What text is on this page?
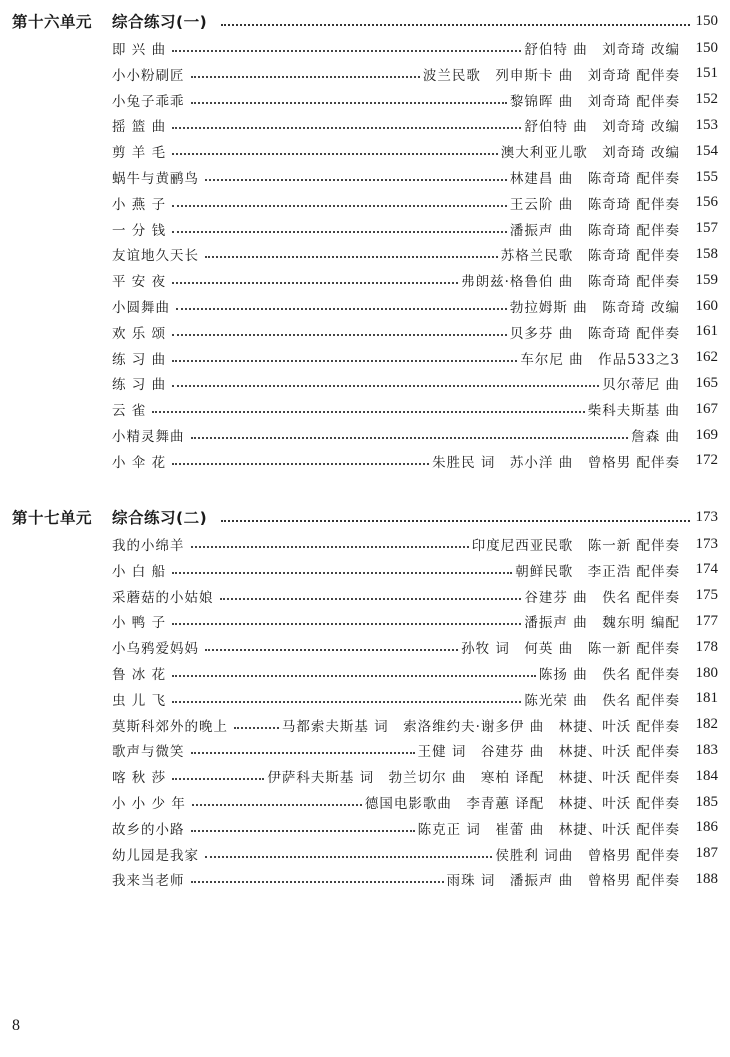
第十六单元 综合练习(一)	150
即 兴 曲	舒伯特 曲　刘奇琦 改编 150
小小粉刷匠	波兰民歌　列申斯卡 曲　刘奇琦 配伴奏 151
小兔子乖乖	黎锦晖 曲　刘奇琦 配伴奏 152
摇 篮 曲	舒伯特 曲　刘奇琦 改编 153
剪 羊 毛	澳大利亚儿歌　刘奇琦 改编 154
蜗牛与黄鹂鸟	林建昌 曲　陈奇琦 配伴奏 155
小 燕 子	王云阶 曲　陈奇琦 配伴奏 156
一 分 钱	潘振声 曲　陈奇琦 配伴奏 157
友谊地久天长	苏格兰民歌　陈奇琦 配伴奏 158
平 安 夜	弗朗兹·格鲁伯 曲　陈奇琦 配伴奏 159
小圆舞曲	勃拉姆斯 曲　陈奇琦 改编 160
欢 乐 颂	贝多芬 曲　陈奇琦 配伴奏 161
练 习 曲	车尔尼 曲　作品533之3 162
练 习 曲	贝尔蒂尼 曲 165
云 雀	柴科夫斯基 曲 167
小精灵舞曲	詹森 曲 169
小 伞 花	朱胜民 词　苏小洋 曲　曾格男 配伴奏 172
第十七单元 综合练习(二)	173
我的小绵羊	印度尼西亚民歌　陈一新 配伴奏 173
小 白 船	朝鲜民歌　李正浩 配伴奏 174
采蘑菇的小姑娘	谷建芬 曲　佚名 配伴奏 175
小 鸭 子	潘振声 曲　魏东明 编配 177
小乌鸦爱妈妈	孙牧 词　何英 曲　陈一新 配伴奏 178
鲁 冰 花	陈扬 曲　佚名 配伴奏 180
虫 儿 飞	陈光荣 曲　佚名 配伴奏 181
莫斯科郊外的晚上	马都索夫斯基 词　索洛维约夫·谢多伊 曲　林捷、叶沃 配伴奏 182
歌声与微笑	王健 词　谷建芬 曲　林捷、叶沃 配伴奏 183
喀 秋 莎	伊萨科夫斯基 词　勃兰切尔 曲　寒柏 译配　林捷、叶沃 配伴奏 184
小 小 少 年	德国电影歌曲　李青蕙 译配　林捷、叶沃 配伴奏 185
故乡的小路	陈克正 词　崔蕾 曲　林捷、叶沃 配伴奏 186
幼儿园是我家	侯胜利 词曲　曾格男 配伴奏 187
我来当老师	雨珠 词　潘振声 曲　曾格男 配伴奏 188
8
